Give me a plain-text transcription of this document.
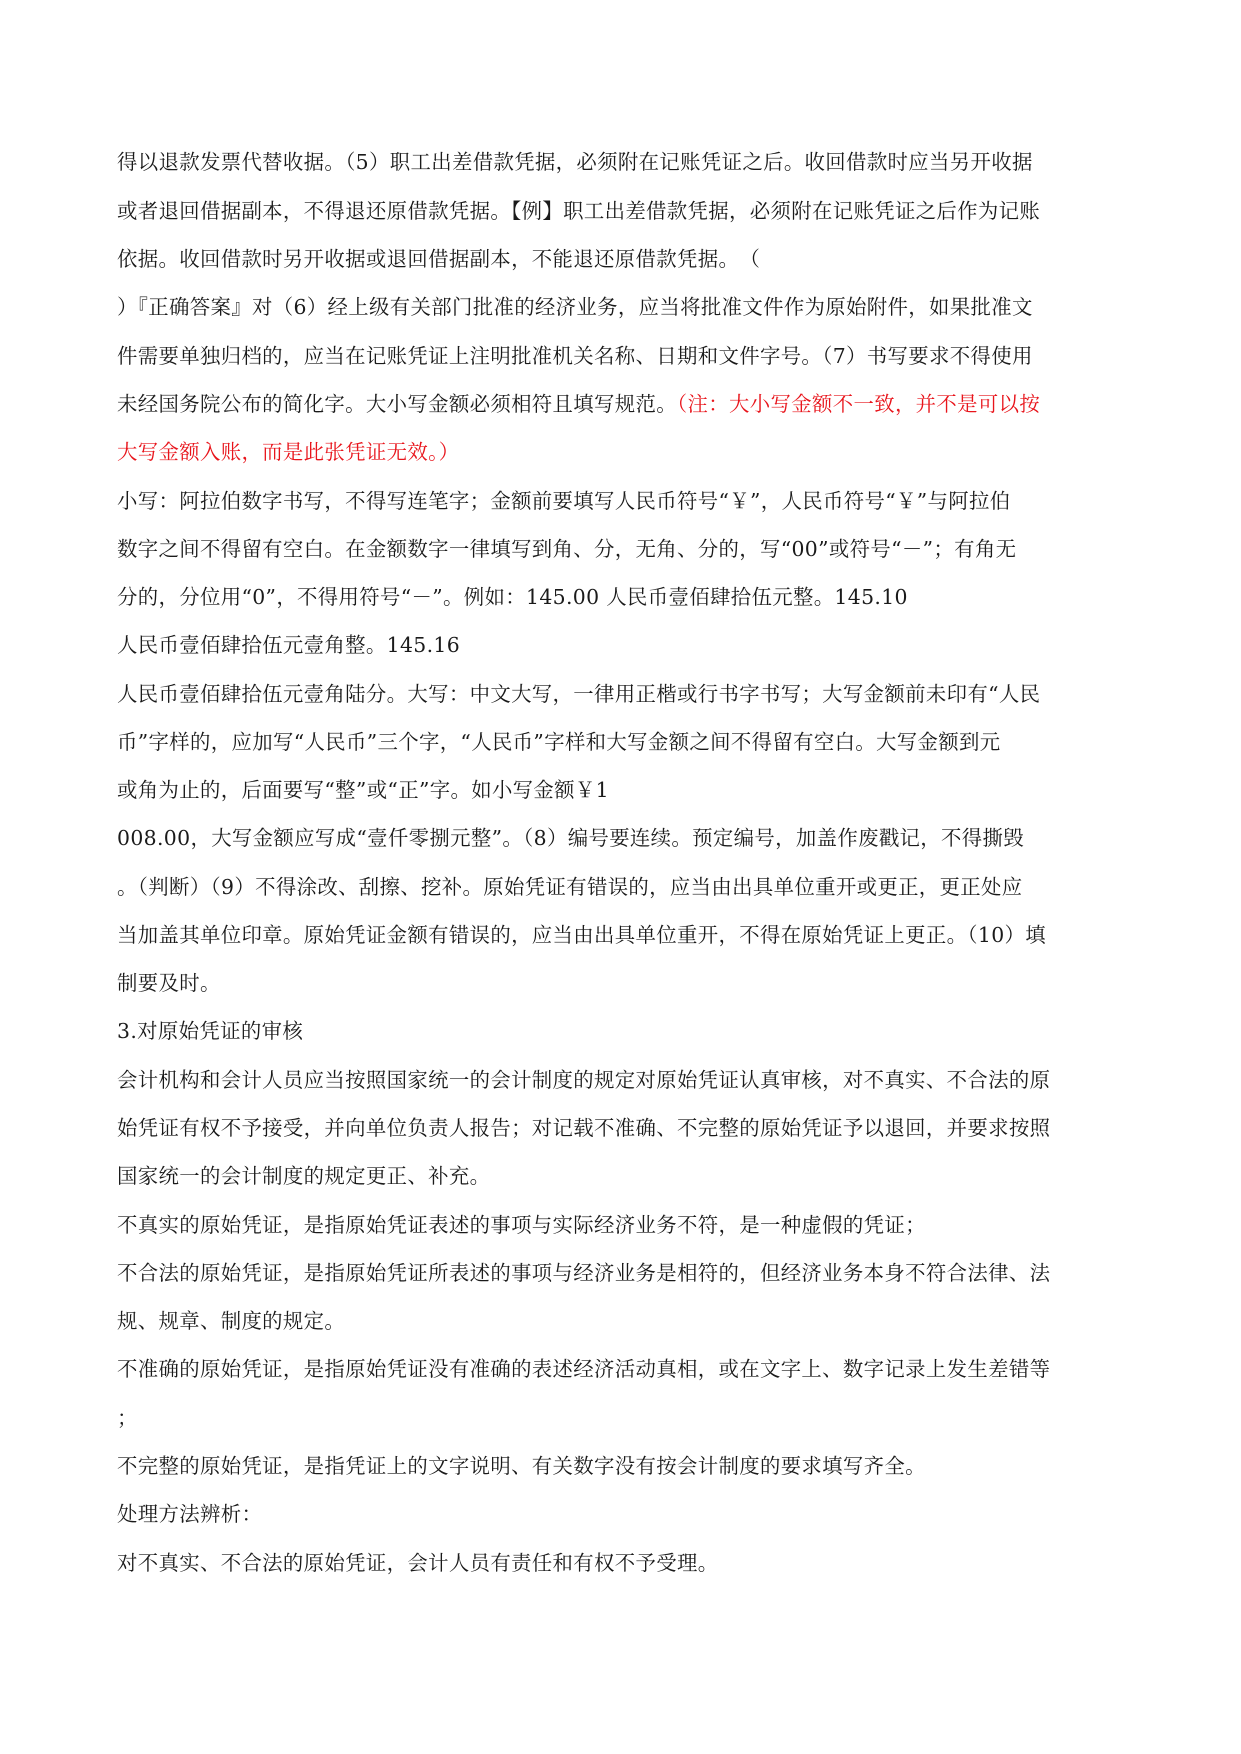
得以退款发票代替收据。（5）职工出差借款凭据，必须附在记账凭证之后。收回借款时应当另开收据
或者退回借据副本，不得退还原借款凭据。【例】职工出差借款凭据，必须附在记账凭证之后作为记账
依据。收回借款时另开收据或退回借据副本，不能退还原借款凭据。　（
）『正确答案』对（6）经上级有关部门批准的经济业务，应当将批准文件作为原始附件，如果批准文
件需要单独归档的，应当在记账凭证上注明批准机关名称、日期和文件字号。（7）书写要求不得使用
未经国务院公布的简化字。大小写金额必须相符且填写规范。（注：大小写金额不一致，并不是可以按
大写金额入账，而是此张凭证无效。）
小写：阿拉伯数字书写，不得写连笔字；金额前要填写人民币符号“￥”，人民币符号“￥”与阿拉伯
数字之间不得留有空白。在金额数字一律填写到角、分，无角、分的，写“00”或符号“－”；有角无
分的，分位用“0”，不得用符号“－”。例如：145.00 人民币壹佰肆拾伍元整。145.10
人民币壹佰肆拾伍元壹角整。145.16
人民币壹佰肆拾伍元壹角陆分。大写：中文大写，一律用正楷或行书字书写；大写金额前未印有“人民
币”字样的，应加写“人民币”三个字，“人民币”字样和大写金额之间不得留有空白。大写金额到元
或角为止的，后面要写“整”或“正”字。如小写金额￥1
008.00，大写金额应写成“壹仟零捌元整”。（8）编号要连续。预定编号，加盖作废戳记，不得撕毁
。（判断）（9）不得涂改、刮擦、挖补。原始凭证有错误的，应当由出具单位重开或更正，更正处应
当加盖其单位印章。原始凭证金额有错误的，应当由出具单位重开，不得在原始凭证上更正。（10）填
制要及时。
3.对原始凭证的审核
会计机构和会计人员应当按照国家统一的会计制度的规定对原始凭证认真审核，对不真实、不合法的原
始凭证有权不予接受，并向单位负责人报告；对记载不准确、不完整的原始凭证予以退回，并要求按照
国家统一的会计制度的规定更正、补充。
不真实的原始凭证，是指原始凭证表述的事项与实际经济业务不符，是一种虚假的凭证；
不合法的原始凭证，是指原始凭证所表述的事项与经济业务是相符的，但经济业务本身不符合法律、法
规、规章、制度的规定。
不准确的原始凭证，是指原始凭证没有准确的表述经济活动真相，或在文字上、数字记录上发生差错等
；
不完整的原始凭证，是指凭证上的文字说明、有关数字没有按会计制度的要求填写齐全。
处理方法辨析：
对不真实、不合法的原始凭证，会计人员有责任和有权不予受理。
